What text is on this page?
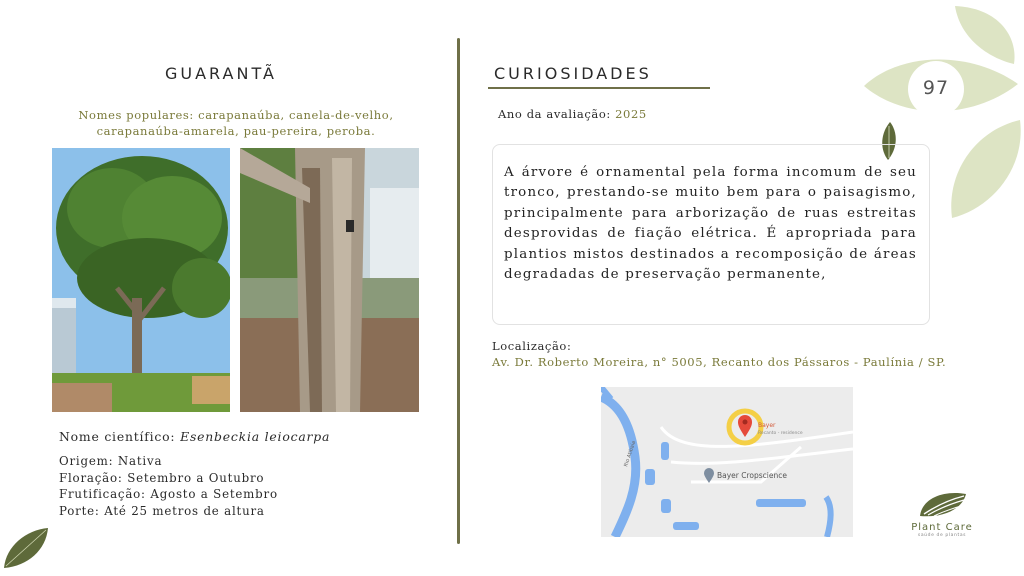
97
GUARANTÃ
Nomes populares: carapanaúba, canela-de-velho,
carapanaúba-amarela, pau-pereira, peroba.
Nome científico: Esenbeckia leiocarpa
Origem: Nativa
Floração: Setembro a Outubro
Frutificação: Agosto a Setembro
Porte: Até 25 metros de altura
CURIOSIDADES
Ano da avaliação: 2025

A árvore é ornamental pela forma incomum de seu tronco, prestando-se muito bem para o paisagismo, principalmente para arborização de ruas estreitas desprovidas de fiação elétrica. É apropriada para plantios mistos destinados a recomposição de áreas degradadas de preservação permanente,

Localização:
Av. Dr. Roberto Moreira, n° 5005, Recanto dos Pássaros - Paulínia / SP.
Bayer
Recanto - residence
Bayer Cropscience
Rio Atibaia
Plant Care
saúde de plantas
